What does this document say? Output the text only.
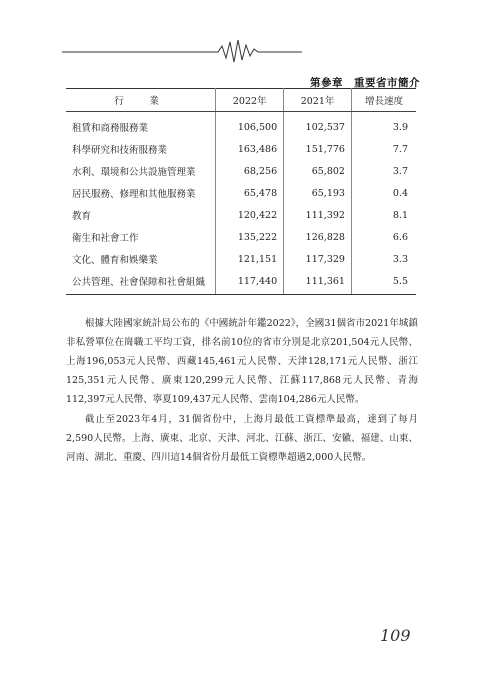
第參章　重要省市簡介
行　業	2022年	2021年	增長速度
租賃和商務服務業	106,500	102,537	3.9
科學研究和技術服務業	163,486	151,776	7.7
水利、環境和公共設施管理業	68,256	65,802	3.7
居民服務、修理和其他服務業	65,478	65,193	0.4
教育	120,422	111,392	8.1
衛生和社會工作	135,222	126,828	6.6
文化、體育和娛樂業	121,151	117,329	3.3
公共管理、社會保障和社會組織	117,440	111,361	5.5

根據大陸國家統計局公布的《中國統計年鑑2022》，全國31個省市2021年城鎮非私營單位在崗職工平均工資，排名前10位的省市分別是北京201,504元人民幣、上海196,053元人民幣、西藏145,461元人民幣、天津128,171元人民幣、浙江125,351元人民幣、廣東120,299元人民幣、江蘇117,868元人民幣、青海112,397元人民幣、寧夏109,437元人民幣、雲南104,286元人民幣。

截止至2023年4月，31個省份中，上海月最低工資標準最高，達到了每月2,590人民幣。上海、廣東、北京、天津、河北、江蘇、浙江、安徽、福建、山東、河南、湖北、重慶、四川這14個省份月最低工資標準超過2,000人民幣。

109
